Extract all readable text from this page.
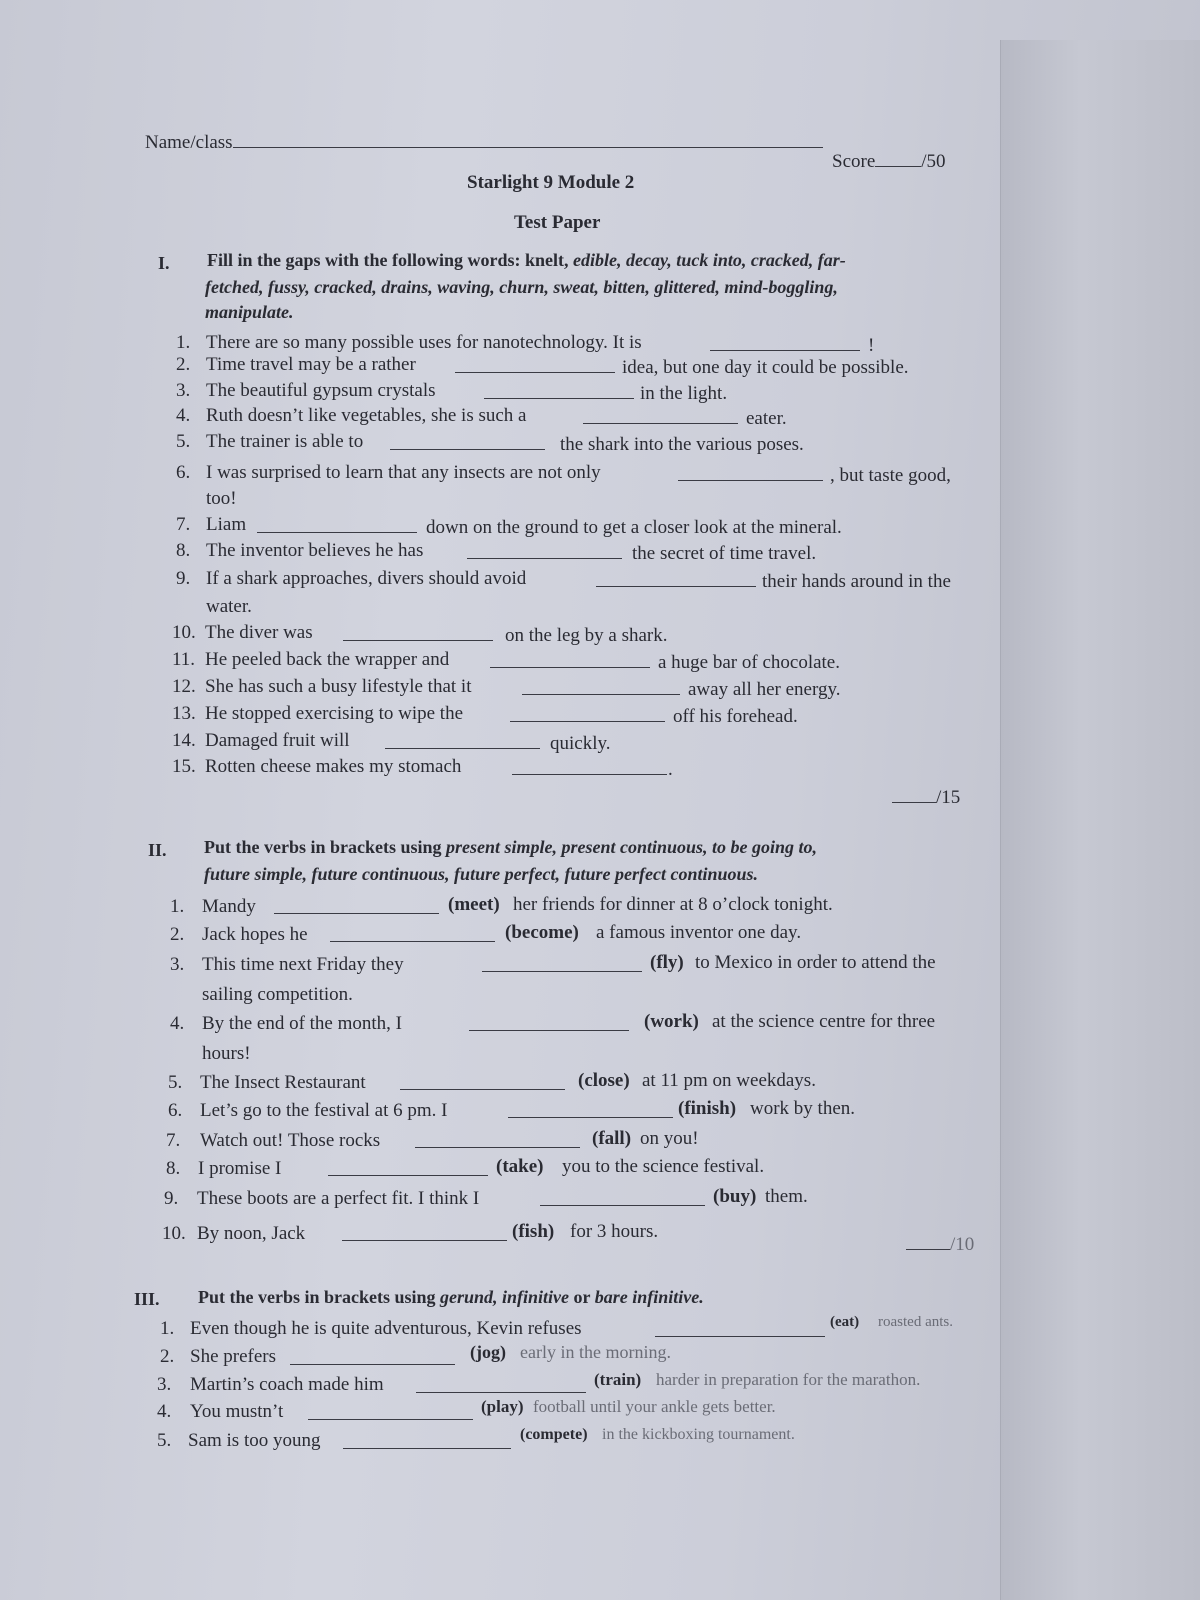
Name/class
Score /50
Starlight 9 Module 2
Test Paper
I. Fill in the gaps with the following words: knelt, edible, decay, tuck into, cracked, far-
fetched, fussy, cracked, drains, waving, churn, sweat, bitten, glittered, mind-boggling,
manipulate.
1. There are so many possible uses for nanotechnology. It is	!
2. Time travel may be a rather	idea, but one day it could be possible.
3. The beautiful gypsum crystals	in the light.
4. Ruth doesn’t like vegetables, she is such a	eater.
5. The trainer is able to	the shark into the various poses.
6. I was surprised to learn that any insects are not only	, but taste good,
too!
7. Liam	down on the ground to get a closer look at the mineral.
8. The inventor believes he has	the secret of time travel.
9. If a shark approaches, divers should avoid	their hands around in the
water.
10. The diver was	on the leg by a shark.
11. He peeled back the wrapper and	a huge bar of chocolate.
12. She has such a busy lifestyle that it	away all her energy.
13. He stopped exercising to wipe the	off his forehead.
14. Damaged fruit will	quickly.
15. Rotten cheese makes my stomach	.
/15
II. Put the verbs in brackets using present simple, present continuous, to be going to,
future simple, future continuous, future perfect, future perfect continuous.
1. Mandy	(meet) her friends for dinner at 8 o’clock tonight.
2. Jack hopes he	(become) a famous inventor one day.
3. This time next Friday they	(fly) to Mexico in order to attend the
sailing competition.
4. By the end of the month, I	(work) at the science centre for three
hours!
5. The Insect Restaurant	(close) at 11 pm on weekdays.
6. Let’s go to the festival at 6 pm. I	(finish) work by then.
7. Watch out! Those rocks	(fall) on you!
8. I promise I	(take) you to the science festival.
9. These boots are a perfect fit. I think I	(buy) them.
10. By noon, Jack	(fish) for 3 hours.
/10
III. Put the verbs in brackets using gerund, infinitive or bare infinitive.
1. Even though he is quite adventurous, Kevin refuses	(eat) roasted ants.
2. She prefers	(jog) early in the morning.
3. Martin’s coach made him	(train) harder in preparation for the marathon.
4. You mustn’t	(play) football until your ankle gets better.
5. Sam is too young	(compete) in the kickboxing tournament.
